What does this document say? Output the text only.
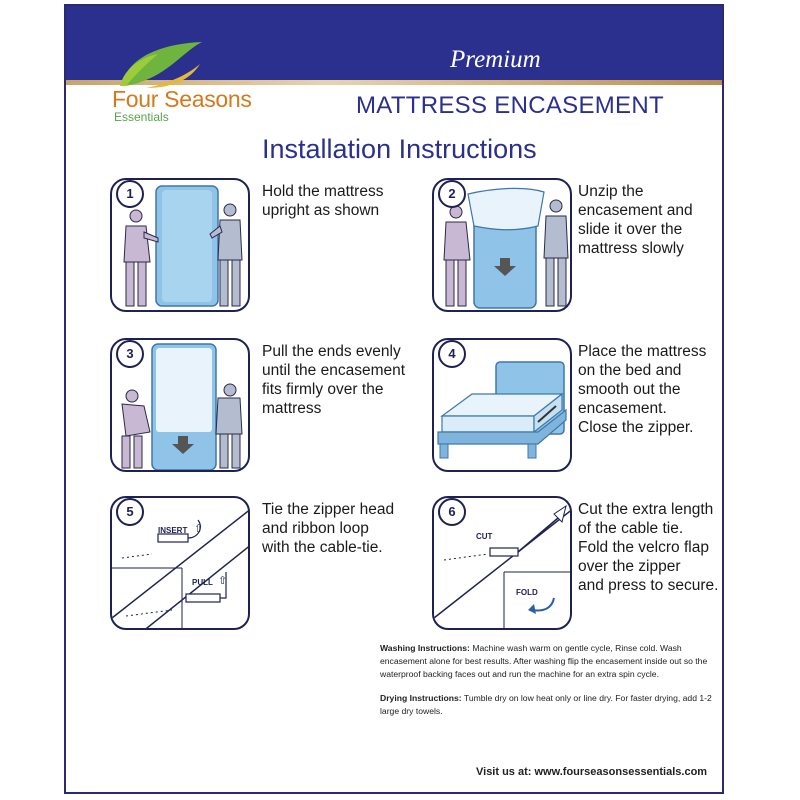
Four Seasons
Essentials
Premium
MATTRESS ENCASEMENT
Installation Instructions
1	Hold the mattress
upright as shown
2	Unzip the
encasement and
slide it over the
mattress slowly
3	Pull the ends evenly
until the encasement
fits firmly over the
mattress
4	Place the mattress
on the bed and
smooth out the
encasement.
Close the zipper.
5
INSERT ⇧
PULL ⇧
Tie the zipper head
and ribbon loop
with the cable-tie.
6
CUT
FOLD
Cut the extra length
of the cable tie.
Fold the velcro flap
over the zipper
and press to secure.

Washing Instructions: Machine wash warm on gentle cycle, Rinse cold. Wash encasement alone for best results. After washing flip the encasement inside out so the waterproof backing faces out and run the machine for an extra spin cycle.

Drying Instructions: Tumble dry on low heat only or line dry. For faster drying, add 1-2 large dry towels.

Visit us at: www.fourseasonsessentials.com
